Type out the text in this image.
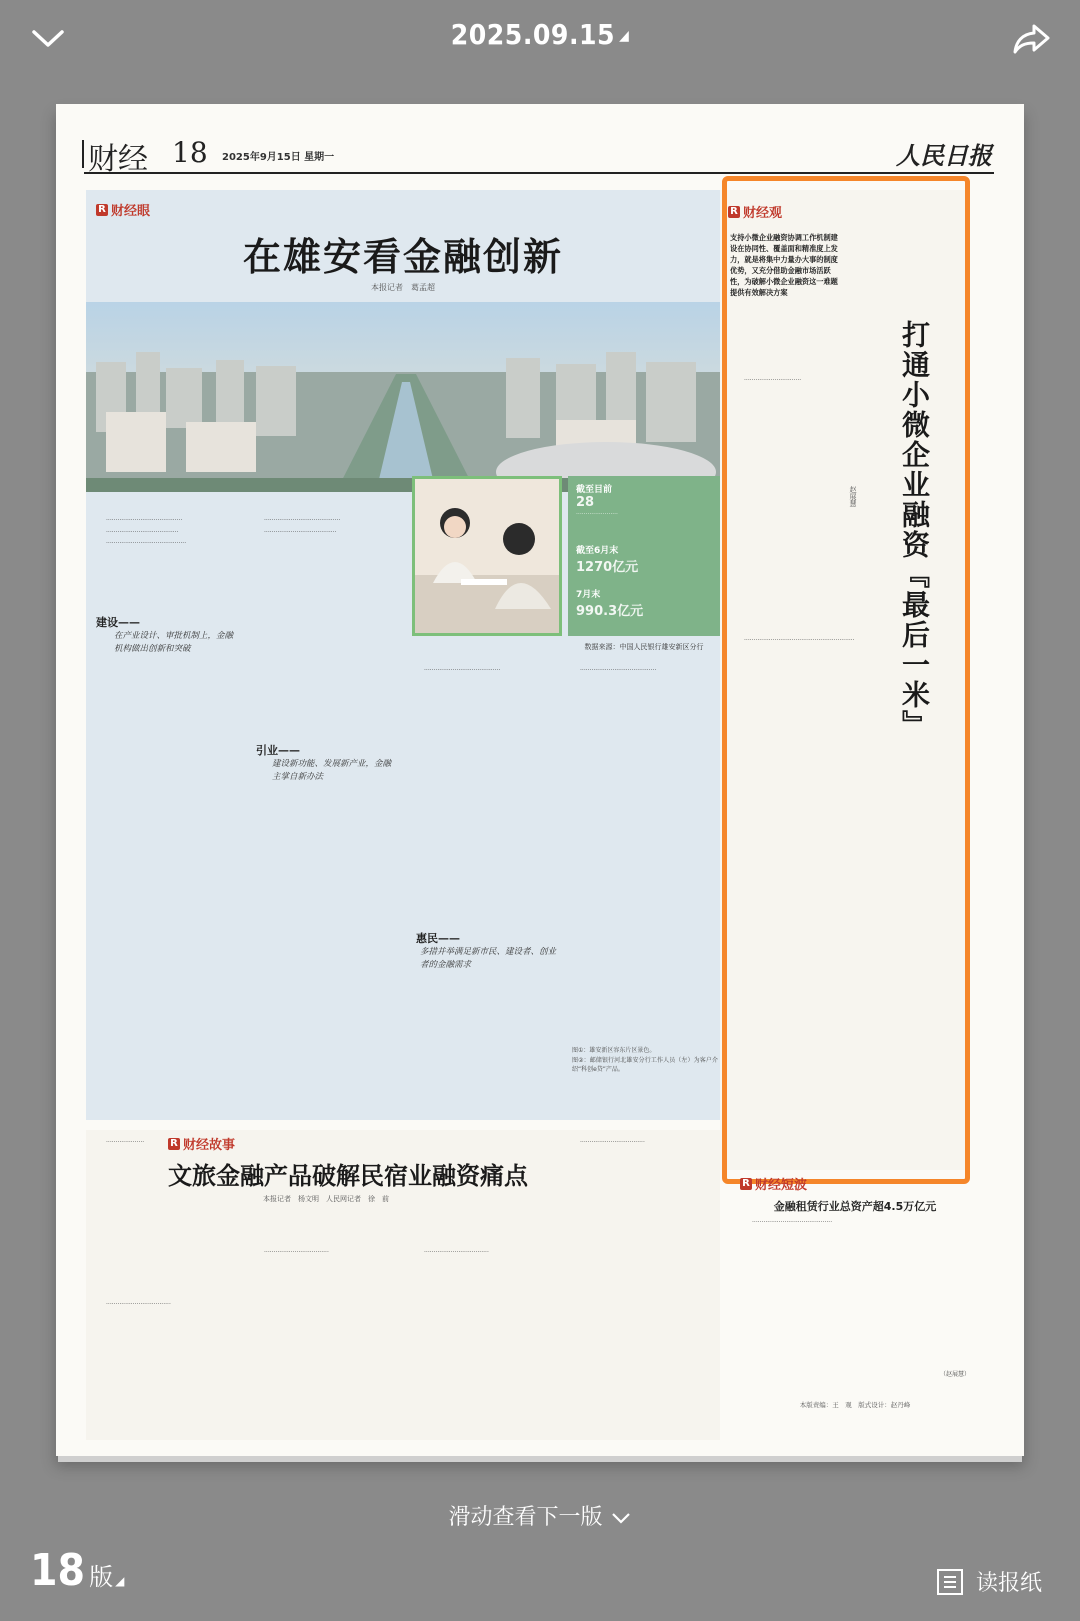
2025.09.15 ◢
财经 18 2025年9月15日 星期一	人民日报
R 财经眼
在雄安看金融创新
本报记者　葛孟超
截至目前
28
······················
截至6月末
1270亿元
7月末
990.3亿元
数据来源：中国人民银行雄安新区分行

········································

······································

··········································

········································

······································

········································	········································

建设——
在产业设计、审批机制上，金融机构做出创新和突破
引业——
建设新功能、发展新产业，金融主掌自新办法
惠民——
多措并举满足新市民、建设者、创业者的金融需求
图①：雄安新区容东片区景色。
图②：邮储银行河北雄安分行工作人员（左）为客户介绍“科创e贷”产品。
R 财经观
支持小微企业融资协调工作机制建设在协同性、覆盖面和精准度上发力，就是将集中力量办大事的制度优势，又充分借助金融市场活跃性，为破解小微企业融资这一难题提供有效解决方案
打通小微企业融资『最后一米』
赵展慧

······························

··························································

····················

··································

··································	··································

··································

R 财经故事
文旅金融产品破解民宿业融资痛点
本报记者　杨文明　人民网记者　徐　前
R 财经短波
金融租赁行业总资产超4.5万亿元

··········································

（赵展慧）
本版责编：王　观　版式设计：赵丹峰
滑动查看下一版
18 版 ◢	读报纸
